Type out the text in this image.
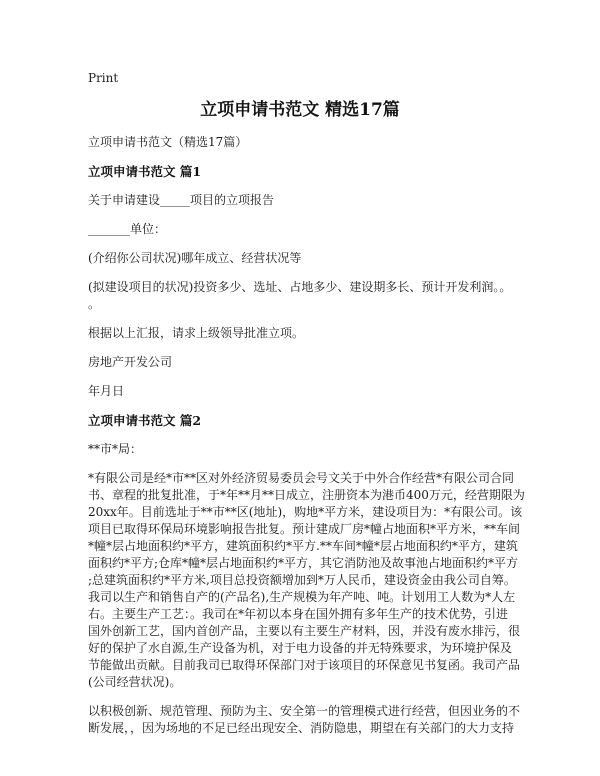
Print
立项申请书范文 精选17篇
立项申请书范文（精选17篇）
立项申请书范文 篇1
关于申请建设_____项目的立项报告
_______单位：
(介绍你公司状况)哪年成立、经营状况等
(拟建设项目的状况)投资多少、选址、占地多少、建设期多长、预计开发利润。。
。
根据以上汇报，请求上级领导批准立项。
房地产开发公司
年月日
立项申请书范文 篇2
**市*局：
*有限公司是经*市**区对外经济贸易委员会号文关于中外合作经营*有限公司合同
书、章程的批复批准，于*年**月**日成立，注册资本为港币400万元，经营期限为
20xx年。目前选址于**市**区(地址)，购地*平方米，建设项目为：*有限公司。该
项目已取得环保局环境影响报告批复。预计建成厂房*幢占地面积*平方米，**车间
*幢*层占地面积约*平方，建筑面积约*平方.**车间*幢*层占地面积约*平方，建筑
面积约*平方;仓库*幢*层占地面积约*平方，其它消防池及故事池占地面积约*平方
;总建筑面积约*平方米,项目总投资额增加到*万人民币，建设资金由我公司自筹。
我司以生产和销售自产的(产品名),生产规模为年产吨、吨。计划用工人数为*人左
右。主要生产工艺：。我司在*年初以本身在国外拥有多年生产的技术优势，引进
国外创新工艺，国内首创产品，主要以有主要生产材料，因，并没有废水排污，很
好的保护了水自源,生产设备为机，对于电力设备的并无特殊要求，为环境护保及
节能做出贡献。目前我司已取得环保部门对于该项目的环保意见书复函。我司产品
(公司经营状况)。
以积极创新、规范管理、预防为主、安全第一的管理模式进行经营，但因业务的不
断发展，，因为场地的不足已经出现安全、消防隐患，期望在有关部门的大力支持
